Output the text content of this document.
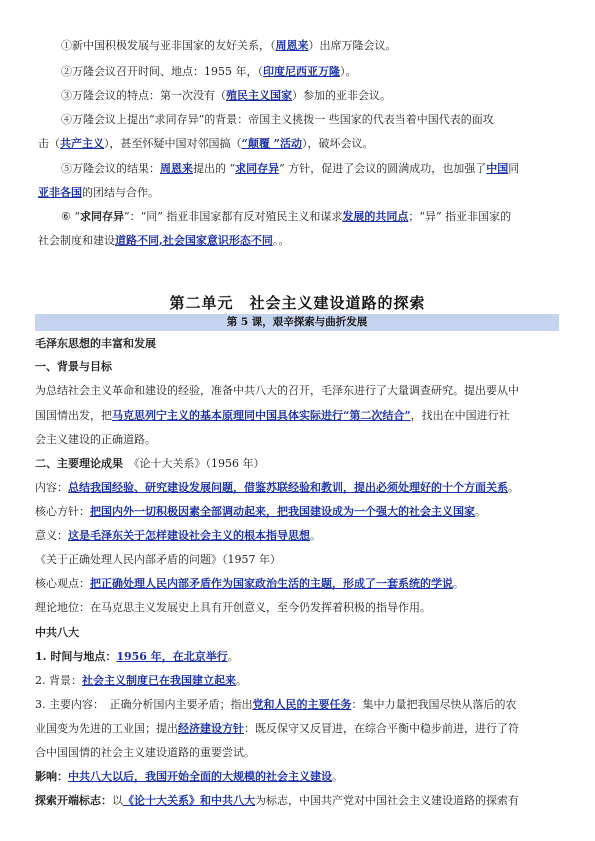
①新中国积极发展与亚非国家的友好关系，（周恩来）出席万隆会议。
②万隆会议召开时间、地点：1955 年，（印度尼西亚万隆）。
③万隆会议的特点：第一次没有（殖民主义国家）参加的亚非会议。
④万隆会议上提出“求同存异”的背景：帝国主义挑拨一 些国家的代表当着中国代表的面攻
击（共产主义），甚至怀疑中国对邻国搞（“颠覆 ”活动），破坏会议。
⑤万隆会议的结果：周恩来提出的 “求同存异” 方针，促进了会议的圆满成功，也加强了中国同
亚非各国的团结与合作。
⑥ “求同存异”：“同” 指亚非国家都有反对殖民主义和谋求发展的共同点；“异” 指亚非国家的
社会制度和建设道路不同,社会国家意识形态不同。。
第二单元　社会主义建设道路的探索
第 5 课，艰辛探索与曲折发展
毛泽东思想的丰富和发展
一、背景与目标
为总结社会主义革命和建设的经验，准备中共八大的召开，毛泽东进行了大量调查研究。提出要从中
国国情出发，把马克思列宁主义的基本原理同中国具体实际进行“第二次结合”，找出在中国进行社
会主义建设的正确道路。
二、主要理论成果　 《论十大关系》（1956 年）
内容：总结我国经验、研究建设发展问题，借鉴苏联经验和教训，提出必须处理好的十个方面关系。
核心方针：把国内外一切积极因素全部调动起来，把我国建设成为一个强大的社会主义国家。
意义：这是毛泽东关于怎样建设社会主义的根本指导思想。
《关于正确处理人民内部矛盾的问题》（1957 年）
核心观点：把正确处理人民内部矛盾作为国家政治生活的主题，形成了一套系统的学说。
理论地位：在马克思主义发展史上具有开创意义，至今仍发挥着积极的指导作用。
中共八大
1. 时间与地点：1956 年，在北京举行。
2. 背景：社会主义制度已在我国建立起来。
3. 主要内容：　正确分析国内主要矛盾；指出党和人民的主要任务：集中力量把我国尽快从落后的农
业国变为先进的工业国；提出经济建设方针：既反保守又反冒进，在综合平衡中稳步前进，进行了符
合中国国情的社会主义建设道路的重要尝试。
影响：中共八大以后，我国开始全面的大规模的社会主义建设。
探索开端标志：以《论十大关系》和中共八大为标志，中国共产党对中国社会主义建设道路的探索有
